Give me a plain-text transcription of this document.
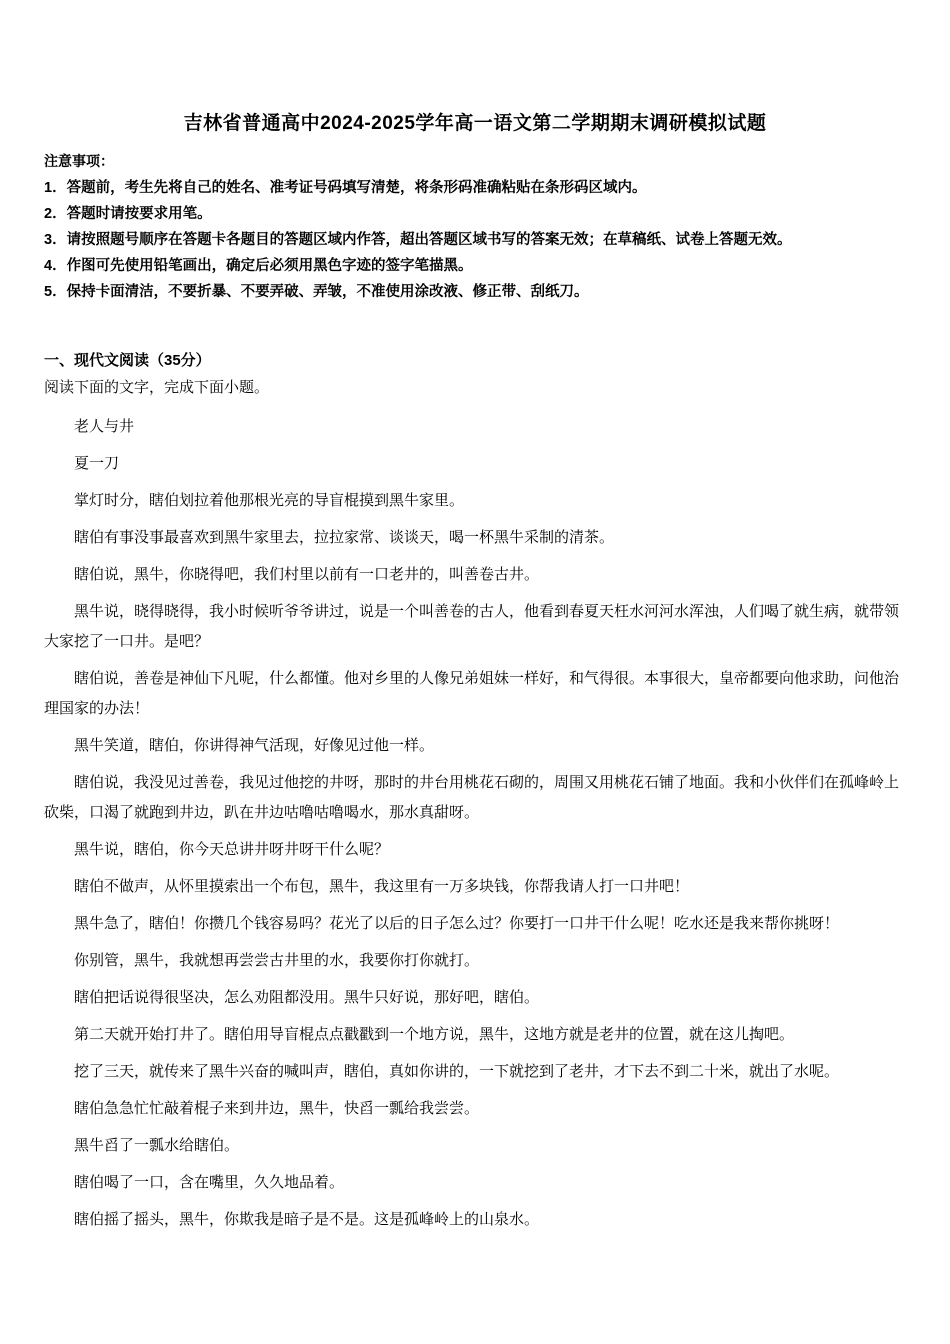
吉林省普通高中2024-2025学年高一语文第二学期期末调研模拟试题
注意事项：

1．答题前，考生先将自己的姓名、准考证号码填写清楚，将条形码准确粘贴在条形码区域内。

2．答题时请按要求用笔。

3．请按照题号顺序在答题卡各题目的答题区域内作答，超出答题区域书写的答案无效；在草稿纸、试卷上答题无效。

4．作图可先使用铅笔画出，确定后必须用黑色字迹的签字笔描黑。

5．保持卡面清洁，不要折暴、不要弄破、弄皱，不准使用涂改液、修正带、刮纸刀。

一、现代文阅读（35分）

阅读下面的文字，完成下面小题。

老人与井

夏一刀

掌灯时分，瞎伯划拉着他那根光亮的导盲棍摸到黑牛家里。

瞎伯有事没事最喜欢到黑牛家里去，拉拉家常、谈谈天，喝一杯黑牛采制的清茶。

瞎伯说，黑牛，你晓得吧，我们村里以前有一口老井的，叫善卷古井。

黑牛说，晓得晓得，我小时候听爷爷讲过，说是一个叫善卷的古人，他看到春夏天枉水河河水浑浊，人们喝了就生病，就带领大家挖了一口井。是吧？

瞎伯说，善卷是神仙下凡呢，什么都懂。他对乡里的人像兄弟姐妹一样好，和气得很。本事很大，皇帝都要向他求助，问他治理国家的办法！

黑牛笑道，瞎伯，你讲得神气活现，好像见过他一样。

瞎伯说，我没见过善卷，我见过他挖的井呀，那时的井台用桃花石砌的，周围又用桃花石铺了地面。我和小伙伴们在孤峰岭上砍柴，口渴了就跑到井边，趴在井边咕噜咕噜喝水，那水真甜呀。

黑牛说，瞎伯，你今天总讲井呀井呀干什么呢？

瞎伯不做声，从怀里摸索出一个布包，黑牛，我这里有一万多块钱，你帮我请人打一口井吧！

黑牛急了，瞎伯！你攒几个钱容易吗？花光了以后的日子怎么过？你要打一口井干什么呢！吃水还是我来帮你挑呀！

你别管，黑牛，我就想再尝尝古井里的水，我要你打你就打。

瞎伯把话说得很坚决，怎么劝阻都没用。黑牛只好说，那好吧，瞎伯。

第二天就开始打井了。瞎伯用导盲棍点点戳戳到一个地方说，黑牛，这地方就是老井的位置，就在这儿掏吧。

挖了三天，就传来了黑牛兴奋的喊叫声，瞎伯，真如你讲的，一下就挖到了老井，才下去不到二十米，就出了水呢。

瞎伯急急忙忙敲着棍子来到井边，黑牛，快舀一瓢给我尝尝。

黑牛舀了一瓢水给瞎伯。

瞎伯喝了一口，含在嘴里，久久地品着。

瞎伯摇了摇头，黑牛，你欺我是暗子是不是。这是孤峰岭上的山泉水。
